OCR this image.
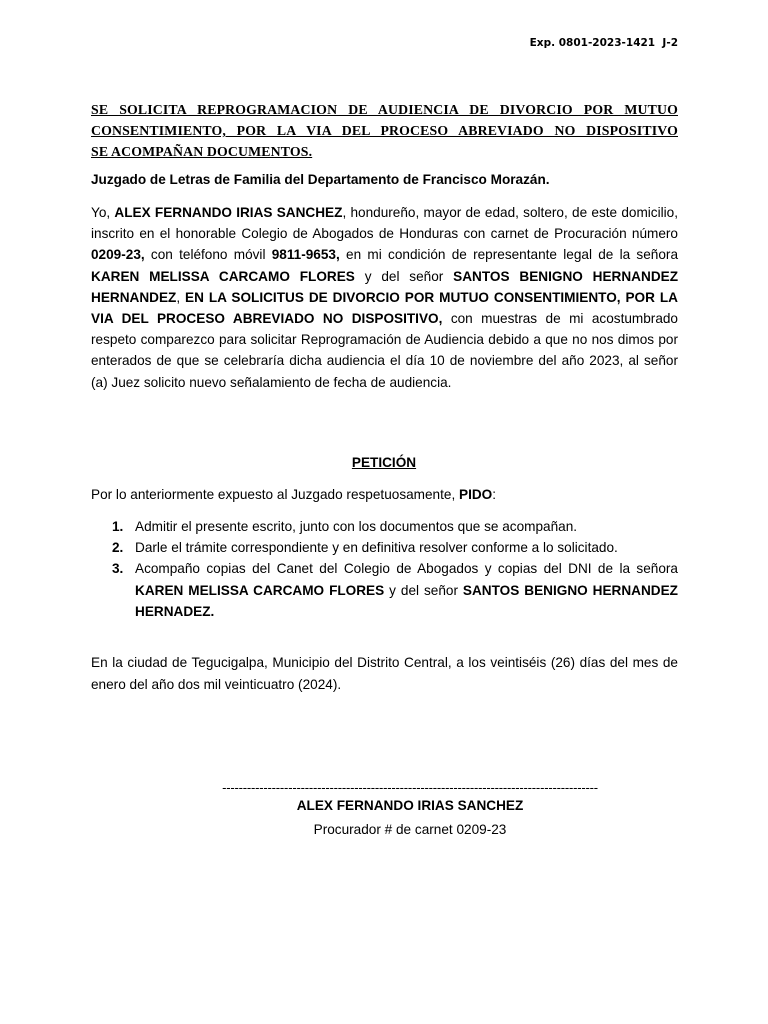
Exp. 0801-2023-1421  J-2
SE SOLICITA REPROGRAMACION DE AUDIENCIA DE DIVORCIO POR MUTUO
CONSENTIMIENTO, POR LA VIA DEL PROCESO ABREVIADO NO DISPOSITIVO
SE ACOMPAÑAN DOCUMENTOS.
Juzgado de Letras de Familia del Departamento de Francisco Morazán.

Yo, ALEX FERNANDO IRIAS SANCHEZ, hondureño, mayor de edad, soltero, de este domicilio, inscrito en el honorable Colegio de Abogados de Honduras con carnet de Procuración número 0209-23, con teléfono móvil 9811-9653, en mi condición de representante legal de la señora KAREN MELISSA CARCAMO FLORES y del señor SANTOS BENIGNO HERNANDEZ HERNANDEZ, EN LA SOLICITUS DE DIVORCIO POR MUTUO CONSENTIMIENTO, POR LA VIA DEL PROCESO ABREVIADO NO DISPOSITIVO, con muestras de mi acostumbrado respeto comparezco para solicitar Reprogramación de Audiencia debido a que no nos dimos por enterados de que se celebraría dicha audiencia el día 10 de noviembre del año 2023, al señor (a) Juez solicito nuevo señalamiento de fecha de audiencia.

PETICIÓN
Por lo anteriormente expuesto al Juzgado respetuosamente, PIDO:
1. Admitir el presente escrito, junto con los documentos que se acompañan.
2. Darle el trámite correspondiente y en definitiva resolver conforme a lo solicitado.
3. Acompaño copias del Canet del Colegio de Abogados y copias del DNI de la señora KAREN MELISSA CARCAMO FLORES y del señor SANTOS BENIGNO HERNANDEZ HERNADEZ.

En la ciudad de Tegucigalpa, Municipio del Distrito Central, a los veintiséis (26) días del mes de enero del año dos mil veinticuatro (2024).

-------------------------------------------------------------------------------------------
ALEX FERNANDO IRIAS SANCHEZ
Procurador # de carnet 0209-23
